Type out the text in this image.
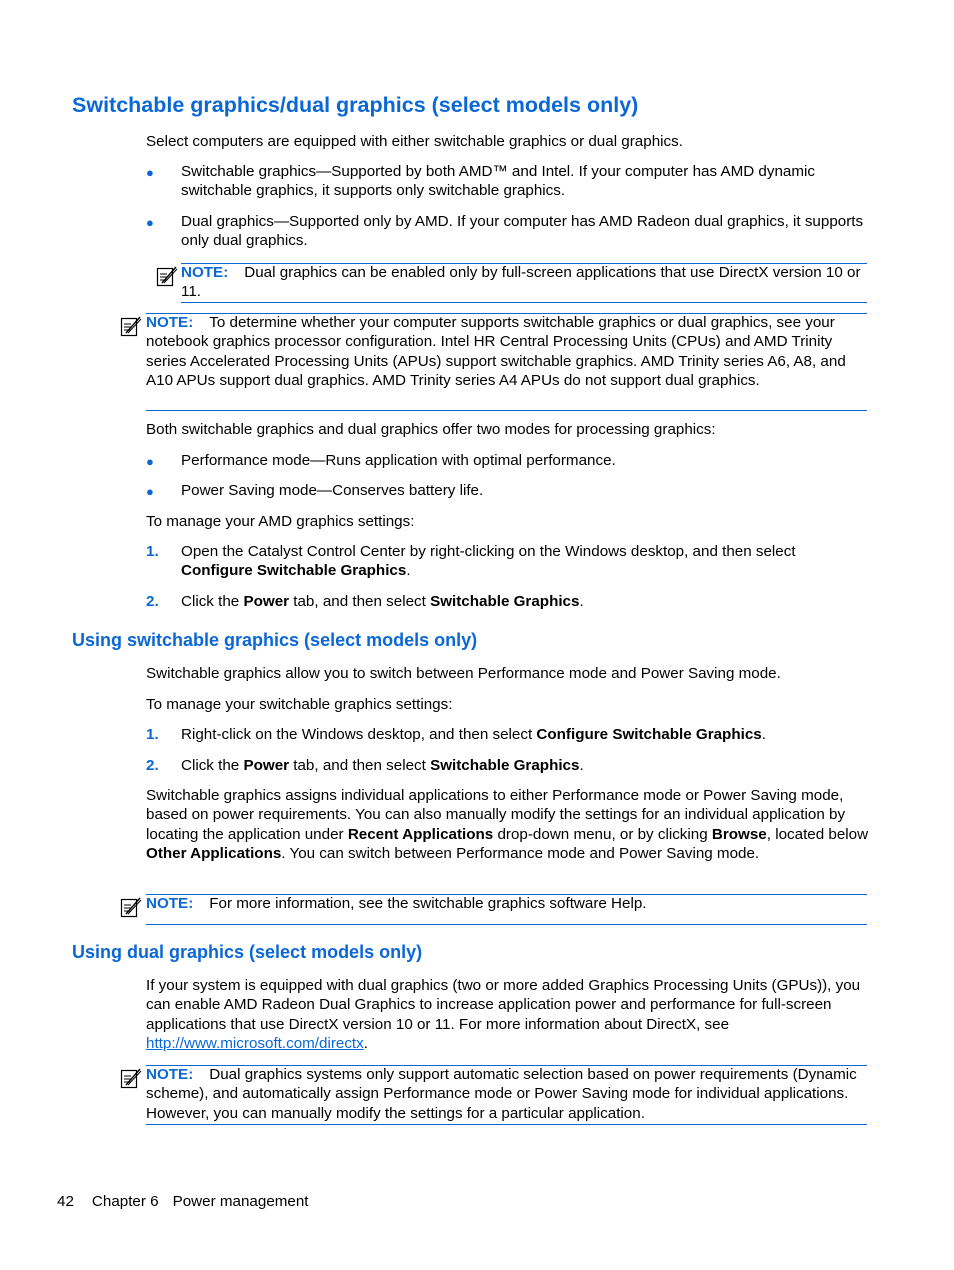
Switchable graphics/dual graphics (select models only)
Select computers are equipped with either switchable graphics or dual graphics.
● Switchable graphics—Supported by both AMD™ and Intel. If your computer has AMD dynamic switchable graphics, it supports only switchable graphics.
● Dual graphics—Supported only by AMD. If your computer has AMD Radeon dual graphics, it supports only dual graphics.
NOTE: Dual graphics can be enabled only by full-screen applications that use DirectX version 10 or 11.
NOTE: To determine whether your computer supports switchable graphics or dual graphics, see your notebook graphics processor configuration. Intel HR Central Processing Units (CPUs) and AMD Trinity series Accelerated Processing Units (APUs) support switchable graphics. AMD Trinity series A6, A8, and A10 APUs support dual graphics. AMD Trinity series A4 APUs do not support dual graphics.
Both switchable graphics and dual graphics offer two modes for processing graphics:
● Performance mode—Runs application with optimal performance.
● Power Saving mode—Conserves battery life.
To manage your AMD graphics settings:
1. Open the Catalyst Control Center by right-clicking on the Windows desktop, and then select Configure Switchable Graphics.
2. Click the Power tab, and then select Switchable Graphics.
Using switchable graphics (select models only)
Switchable graphics allow you to switch between Performance mode and Power Saving mode.
To manage your switchable graphics settings:
1. Right-click on the Windows desktop, and then select Configure Switchable Graphics.
2. Click the Power tab, and then select Switchable Graphics.
Switchable graphics assigns individual applications to either Performance mode or Power Saving mode, based on power requirements. You can also manually modify the settings for an individual application by locating the application under Recent Applications drop-down menu, or by clicking Browse, located below Other Applications. You can switch between Performance mode and Power Saving mode.
NOTE: For more information, see the switchable graphics software Help.
Using dual graphics (select models only)
If your system is equipped with dual graphics (two or more added Graphics Processing Units (GPUs)), you can enable AMD Radeon Dual Graphics to increase application power and performance for full-screen applications that use DirectX version 10 or 11. For more information about DirectX, see http://www.microsoft.com/directx.
NOTE: Dual graphics systems only support automatic selection based on power requirements (Dynamic scheme), and automatically assign Performance mode or Power Saving mode for individual applications. However, you can manually modify the settings for a particular application.
42 Chapter 6 Power management
